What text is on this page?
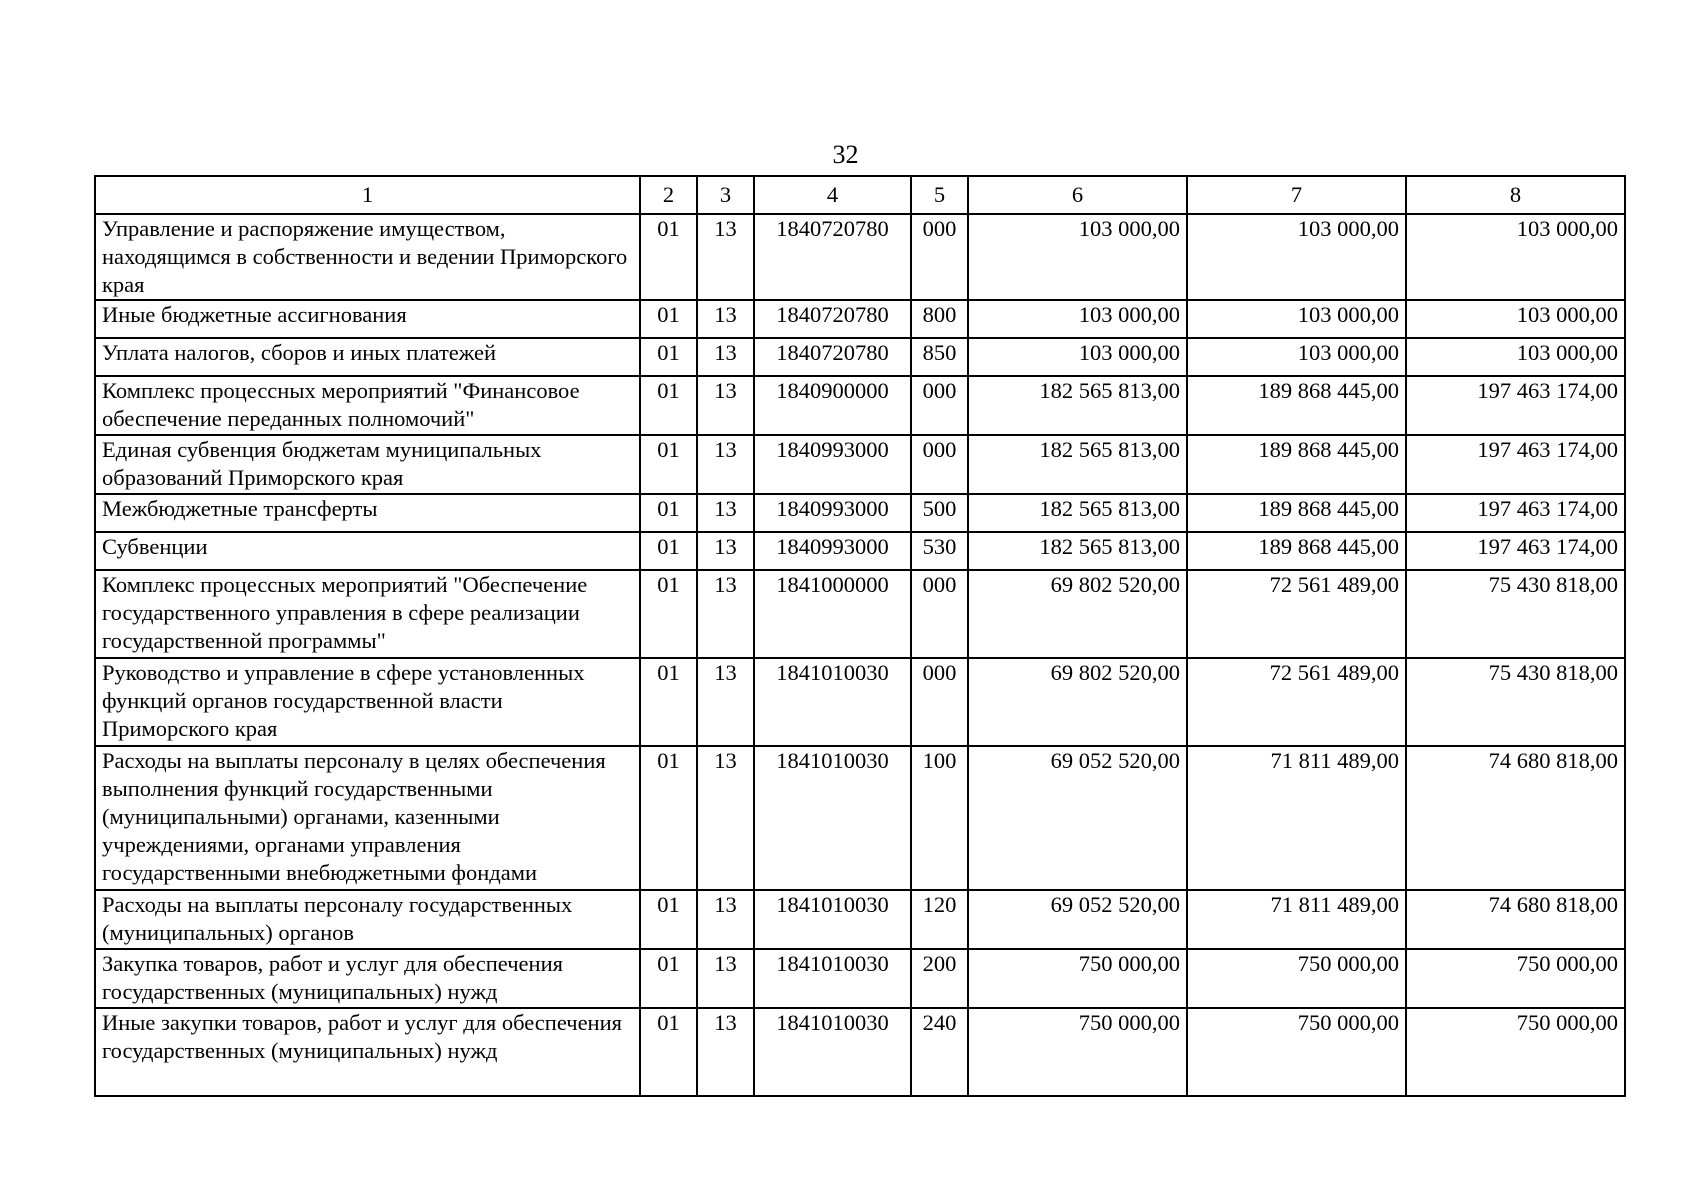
32
1	2	3	4	5	6	7	8
Управление и распоряжение имуществом, находящимся в собственности и ведении Приморского края	01	13	1840720780	000	103 000,00	103 000,00	103 000,00
Иные бюджетные ассигнования	01	13	1840720780	800	103 000,00	103 000,00	103 000,00
Уплата налогов, сборов и иных платежей	01	13	1840720780	850	103 000,00	103 000,00	103 000,00
Комплекс процессных мероприятий "Финансовое обеспечение переданных полномочий"	01	13	1840900000	000	182 565 813,00	189 868 445,00	197 463 174,00
Единая субвенция бюджетам муниципальных образований Приморского края	01	13	1840993000	000	182 565 813,00	189 868 445,00	197 463 174,00
Межбюджетные трансферты	01	13	1840993000	500	182 565 813,00	189 868 445,00	197 463 174,00
Субвенции	01	13	1840993000	530	182 565 813,00	189 868 445,00	197 463 174,00
Комплекс процессных мероприятий "Обеспечение государственного управления в сфере реализации государственной программы"	01	13	1841000000	000	69 802 520,00	72 561 489,00	75 430 818,00
Руководство и управление в сфере установленных функций органов государственной власти Приморского края	01	13	1841010030	000	69 802 520,00	72 561 489,00	75 430 818,00
Расходы на выплаты персоналу в целях обеспечения выполнения функций государственными (муниципальными) органами, казенными учреждениями, органами управления государственными внебюджетными фондами	01	13	1841010030	100	69 052 520,00	71 811 489,00	74 680 818,00
Расходы на выплаты персоналу государственных (муниципальных) органов	01	13	1841010030	120	69 052 520,00	71 811 489,00	74 680 818,00
Закупка товаров, работ и услуг для обеспечения государственных (муниципальных) нужд	01	13	1841010030	200	750 000,00	750 000,00	750 000,00
Иные закупки товаров, работ и услуг для обеспечения государственных (муниципальных) нужд	01	13	1841010030	240	750 000,00	750 000,00	750 000,00
